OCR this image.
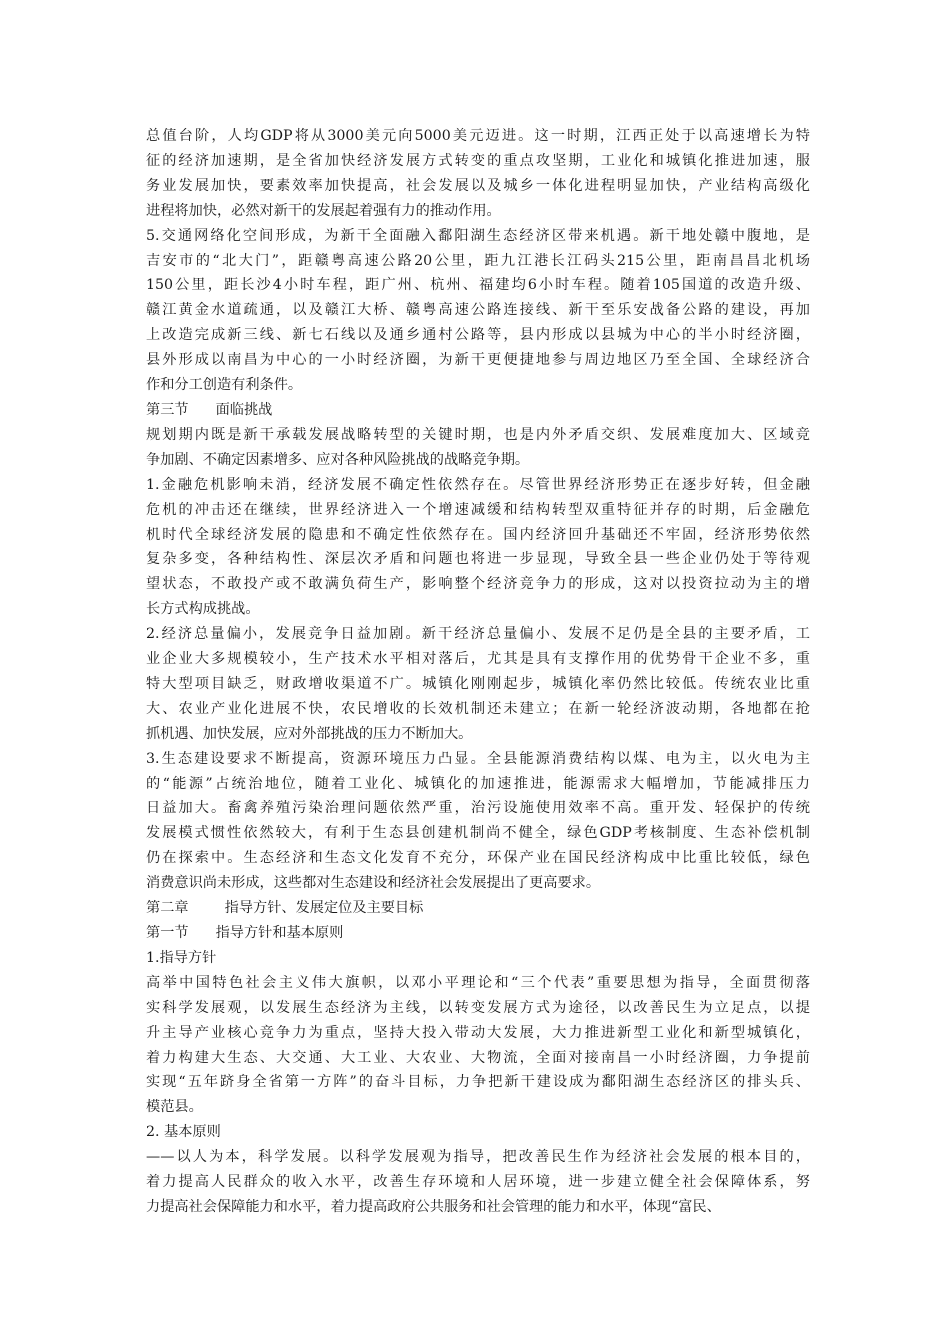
总值台阶，人均GDP将从3000美元向5000美元迈进。这一时期，江西正处于以高速增长为特
征的经济加速期，是全省加快经济发展方式转变的重点攻坚期，工业化和城镇化推进加速，服
务业发展加快，要素效率加快提高，社会发展以及城乡一体化进程明显加快，产业结构高级化
进程将加快，必然对新干的发展起着强有力的推动作用。
5.交通网络化空间形成，为新干全面融入鄱阳湖生态经济区带来机遇。新干地处赣中腹地，是
吉安市的“北大门”，距赣粤高速公路20公里，距九江港长江码头215公里，距南昌昌北机场
150公里，距长沙4小时车程，距广州、杭州、福建均6小时车程。随着105国道的改造升级、
赣江黄金水道疏通，以及赣江大桥、赣粤高速公路连接线、新干至乐安战备公路的建设，再加
上改造完成新三线、新七石线以及通乡通村公路等，县内形成以县城为中心的半小时经济圈，
县外形成以南昌为中心的一小时经济圈，为新干更便捷地参与周边地区乃至全国、全球经济合
作和分工创造有利条件。
第三节      面临挑战
规划期内既是新干承载发展战略转型的关键时期，也是内外矛盾交织、发展难度加大、区域竞
争加剧、不确定因素增多、应对各种风险挑战的战略竞争期。
1.金融危机影响未消，经济发展不确定性依然存在。尽管世界经济形势正在逐步好转，但金融
危机的冲击还在继续，世界经济进入一个增速减缓和结构转型双重特征并存的时期，后金融危
机时代全球经济发展的隐患和不确定性依然存在。国内经济回升基础还不牢固，经济形势依然
复杂多变，各种结构性、深层次矛盾和问题也将进一步显现，导致全县一些企业仍处于等待观
望状态，不敢投产或不敢满负荷生产，影响整个经济竞争力的形成，这对以投资拉动为主的增
长方式构成挑战。
2.经济总量偏小，发展竞争日益加剧。新干经济总量偏小、发展不足仍是全县的主要矛盾，工
业企业大多规模较小，生产技术水平相对落后，尤其是具有支撑作用的优势骨干企业不多，重
特大型项目缺乏，财政增收渠道不广。城镇化刚刚起步，城镇化率仍然比较低。传统农业比重
大、农业产业化进展不快，农民增收的长效机制还未建立；在新一轮经济波动期，各地都在抢
抓机遇、加快发展，应对外部挑战的压力不断加大。
3.生态建设要求不断提高，资源环境压力凸显。全县能源消费结构以煤、电为主，以火电为主
的“能源”占统治地位，随着工业化、城镇化的加速推进，能源需求大幅增加，节能减排压力
日益加大。畜禽养殖污染治理问题依然严重，治污设施使用效率不高。重开发、轻保护的传统
发展模式惯性依然较大，有利于生态县创建机制尚不健全，绿色GDP考核制度、生态补偿机制
仍在探索中。生态经济和生态文化发育不充分，环保产业在国民经济构成中比重比较低，绿色
消费意识尚未形成，这些都对生态建设和经济社会发展提出了更高要求。
第二章        指导方针、发展定位及主要目标
第一节      指导方针和基本原则
1.指导方针
高举中国特色社会主义伟大旗帜，以邓小平理论和“三个代表”重要思想为指导，全面贯彻落
实科学发展观，以发展生态经济为主线，以转变发展方式为途径，以改善民生为立足点，以提
升主导产业核心竞争力为重点，坚持大投入带动大发展，大力推进新型工业化和新型城镇化，
着力构建大生态、大交通、大工业、大农业、大物流，全面对接南昌一小时经济圈，力争提前
实现“五年跻身全省第一方阵”的奋斗目标，力争把新干建设成为鄱阳湖生态经济区的排头兵、
模范县。
2. 基本原则
——以人为本，科学发展。以科学发展观为指导，把改善民生作为经济社会发展的根本目的，
着力提高人民群众的收入水平，改善生存环境和人居环境，进一步建立健全社会保障体系，努
力提高社会保障能力和水平，着力提高政府公共服务和社会管理的能力和水平，体现“富民、
